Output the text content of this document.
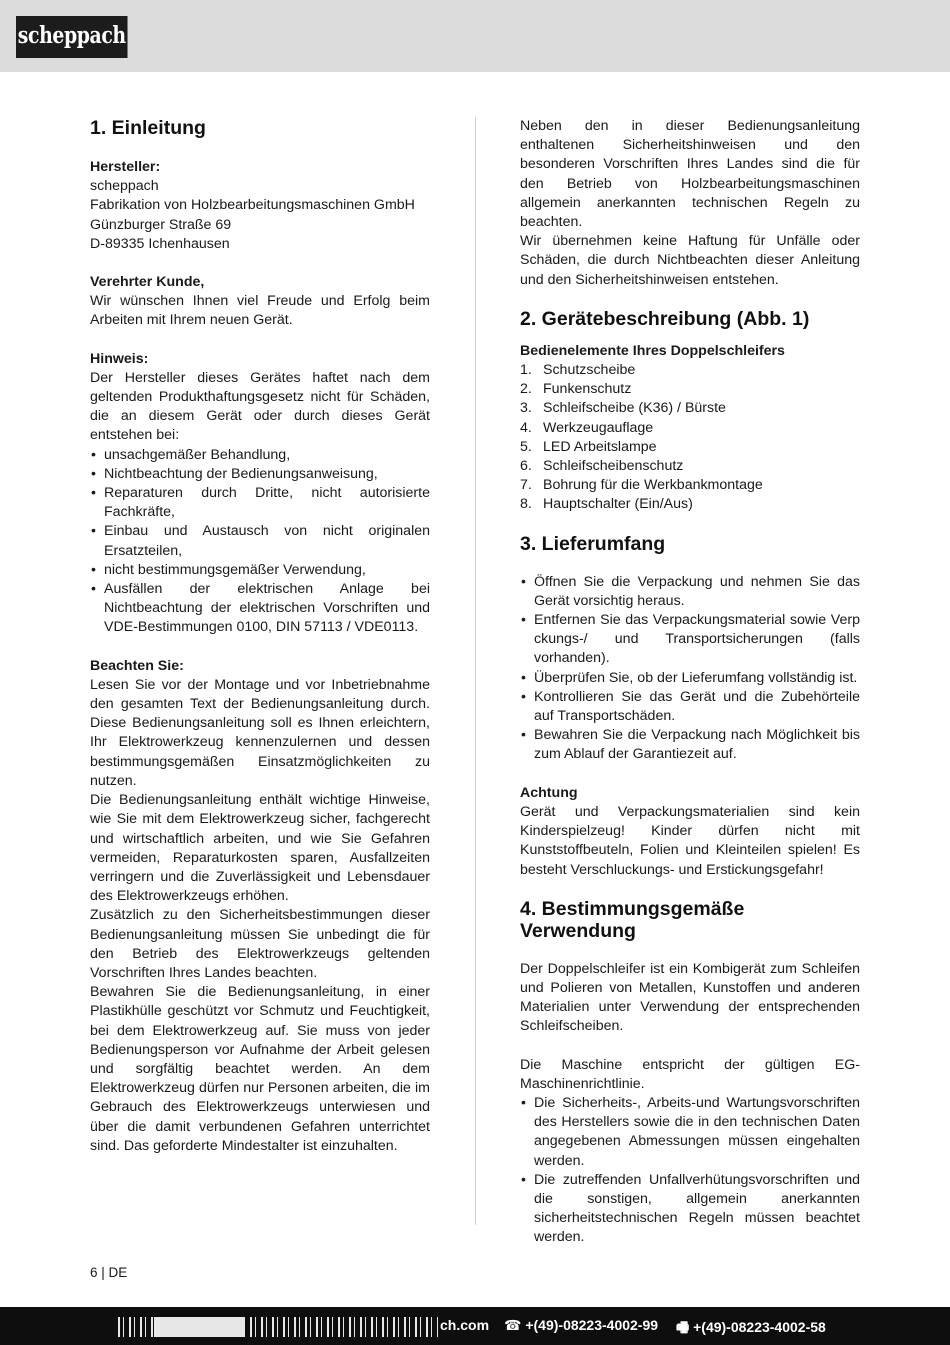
scheppach
1. Einleitung
Hersteller:
scheppach
Fabrikation von Holzbearbeitungsmaschinen GmbH
Günzburger Straße 69
D-89335 Ichenhausen
Verehrter Kunde,
Wir wünschen Ihnen viel Freude und Erfolg beim Arbeiten mit Ihrem neuen Gerät.
Hinweis:
Der Hersteller dieses Gerätes haftet nach dem geltenden Produkthaftungsgesetz nicht für Schäden, die an diesem Gerät oder durch dieses Gerät entstehen bei:
• unsachgemäßer Behandlung,
• Nichtbeachtung der Bedienungsanweisung,
• Reparaturen durch Dritte, nicht autorisierte Fachkräfte,
• Einbau und Austausch von nicht originalen Ersatzteilen,
• nicht bestimmungsgemäßer Verwendung,
• Ausfällen der elektrischen Anlage bei Nichtbeachtung der elektrischen Vorschriften und VDE-Bestimmungen 0100, DIN 57113 / VDE0113.
Beachten Sie:
Lesen Sie vor der Montage und vor Inbetriebnahme den gesamten Text der Bedienungsanleitung durch. Diese Bedienungsanleitung soll es Ihnen erleichtern, Ihr Elektrowerkzeug kennenzulernen und dessen bestimmungsgemäßen Einsatzmöglichkeiten zu nutzen.
Die Bedienungsanleitung enthält wichtige Hinweise, wie Sie mit dem Elektrowerkzeug sicher, fachgerecht und wirtschaftlich arbeiten, und wie Sie Gefahren vermeiden, Reparaturkosten sparen, Ausfallzeiten verringern und die Zuverlässigkeit und Lebensdauer des Elektrowerkzeugs erhöhen.
Zusätzlich zu den Sicherheitsbestimmungen dieser Bedienungsanleitung müssen Sie unbedingt die für den Betrieb des Elektrowerkzeugs geltenden Vorschriften Ihres Landes beachten.
Bewahren Sie die Bedienungsanleitung, in einer Plastikhülle geschützt vor Schmutz und Feuchtigkeit, bei dem Elektrowerkzeug auf. Sie muss von jeder Bedienungsperson vor Aufnahme der Arbeit gelesen und sorgfältig beachtet werden. An dem Elektrowerkzeug dürfen nur Personen arbeiten, die im Gebrauch des Elektrowerkzeugs unterwiesen und über die damit verbundenen Gefahren unterrichtet sind. Das geforderte Mindestalter ist einzuhalten.
Neben den in dieser Bedienungsanleitung enthaltenen Sicherheitshinweisen und den besonderen Vorschriften Ihres Landes sind die für den Betrieb von Holzbearbeitungsmaschinen allgemein anerkannten technischen Regeln zu beachten.
Wir übernehmen keine Haftung für Unfälle oder Schäden, die durch Nichtbeachten dieser Anleitung und den Sicherheitshinweisen entstehen.
2. Gerätebeschreibung (Abb. 1)
Bedienelemente Ihres Doppelschleifers
1. Schutzscheibe
2. Funkenschutz
3. Schleifscheibe (K36) / Bürste
4. Werkzeugauflage
5. LED Arbeitslampe
6. Schleifscheibenschutz
7. Bohrung für die Werkbankmontage
8. Hauptschalter (Ein/Aus)
3. Lieferumfang
• Öffnen Sie die Verpackung und nehmen Sie das Gerät vorsichtig heraus.
• Entfernen Sie das Verpackungsmaterial sowie Verp ckungs-/ und Transportsicherungen (falls vorhanden).
• Überprüfen Sie, ob der Lieferumfang vollständig ist.
• Kontrollieren Sie das Gerät und die Zubehörteile auf Transportschäden.
• Bewahren Sie die Verpackung nach Möglichkeit bis zum Ablauf der Garantiezeit auf.
Achtung
Gerät und Verpackungsmaterialien sind kein Kinderspielzeug! Kinder dürfen nicht mit Kunststoffbeuteln, Folien und Kleinteilen spielen! Es besteht Verschluckungs- und Erstickungsgefahr!
4. Bestimmungsgemäße Verwendung
Der Doppelschleifer ist ein Kombigerät zum Schleifen und Polieren von Metallen, Kunstoffen und anderen Materialien unter Verwendung der entsprechenden Schleifscheiben.
Die Maschine entspricht der gültigen EG-Maschinenrichtlinie.
• Die Sicherheits-, Arbeits-und Wartungsvorschriften des Herstellers sowie die in den technischen Daten angegebenen Abmessungen müssen eingehalten werden.
• Die zutreffenden Unfallverhütungsvorschriften und die sonstigen, allgemein anerkannten sicherheitstechnischen Regeln müssen beachtet werden.
6 | DE
ch.com ☎ +(49)-08223-4002-99 🖷 +(49)-08223-4002-58
